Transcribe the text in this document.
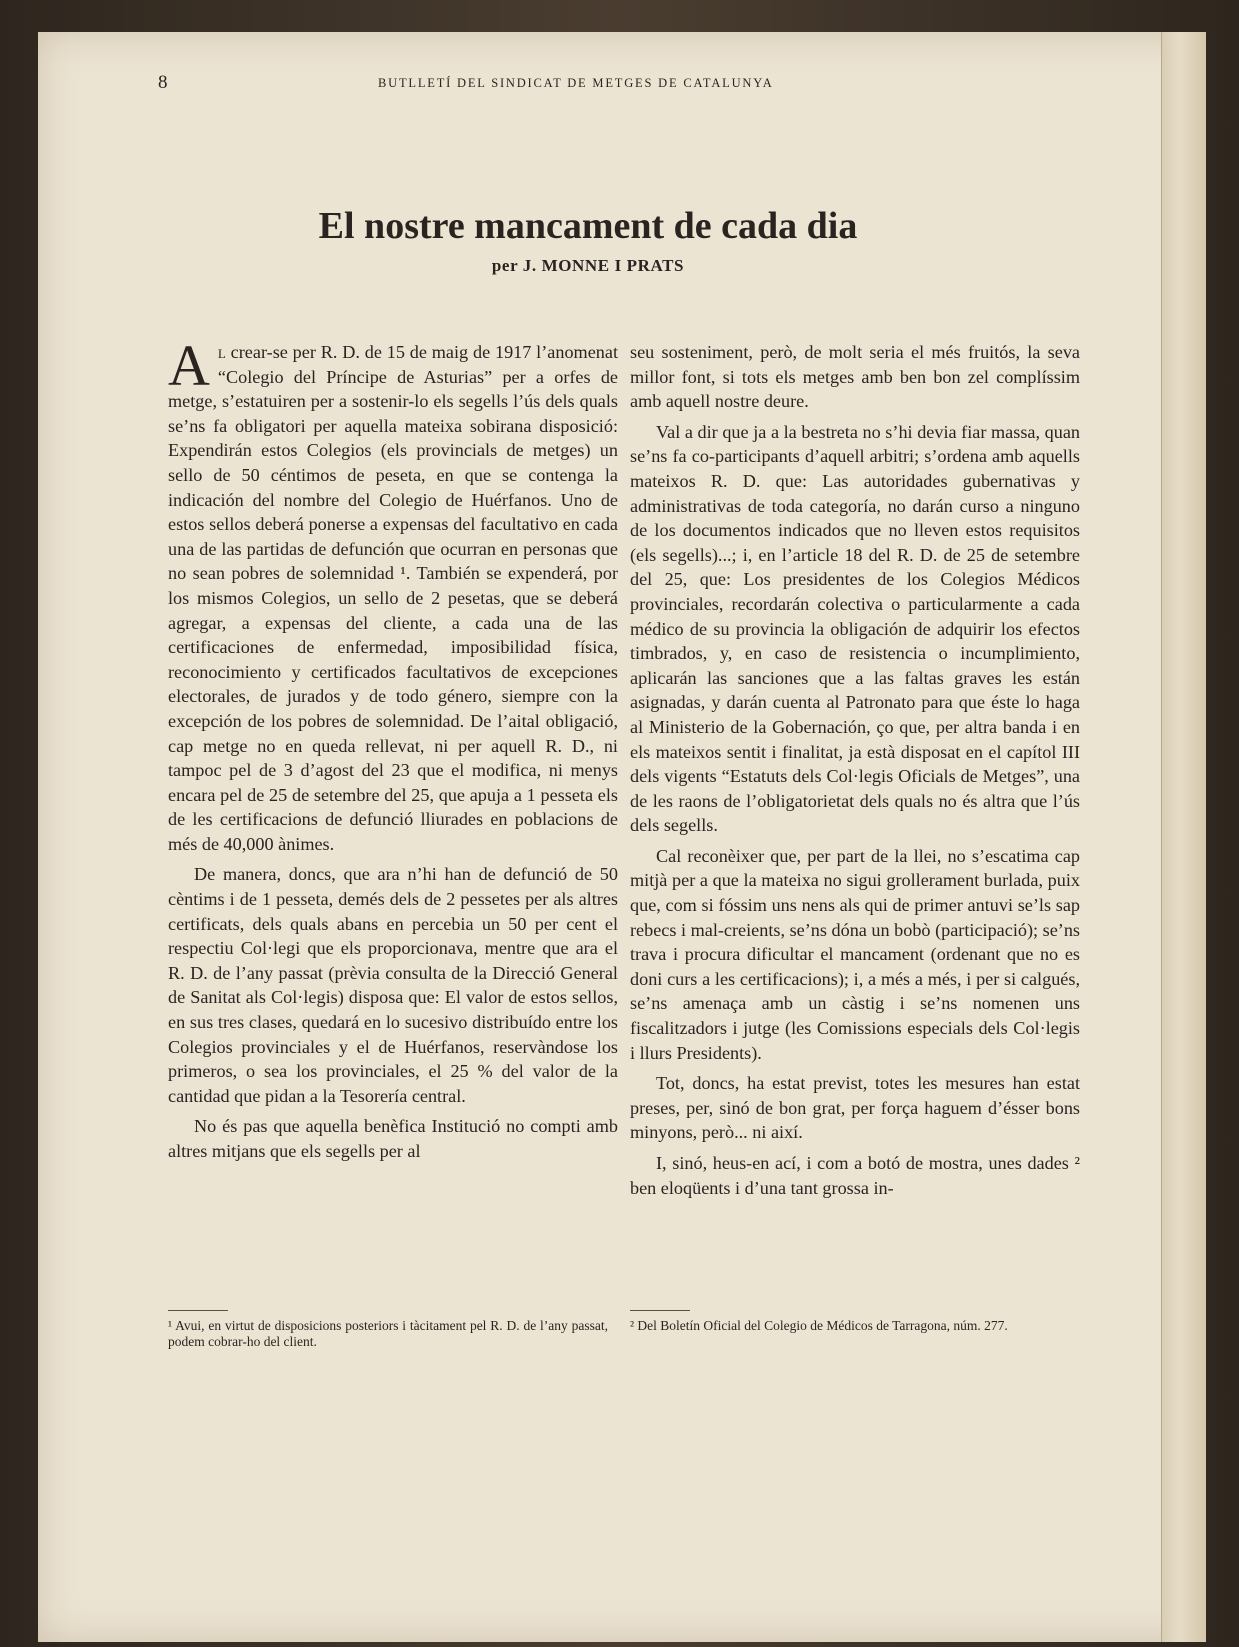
8	BUTLLETÍ DEL SINDICAT DE METGES DE CATALUNYA
El nostre mancament de cada dia
per J. MONNE I PRATS

Al crear-se per R. D. de 15 de maig de 1917 l’anomenat “Colegio del Príncipe de Asturias” per a orfes de metge, s’estatuiren per a sostenir-lo els segells l’ús dels quals se’ns fa obligatori per aquella mateixa sobirana disposició: Expendirán estos Colegios (els provincials de metges) un sello de 50 céntimos de peseta, en que se contenga la indicación del nombre del Colegio de Huérfanos. Uno de estos sellos deberá ponerse a expensas del facultativo en cada una de las partidas de defunción que ocurran en personas que no sean pobres de solemnidad ¹. También se expenderá, por los mismos Colegios, un sello de 2 pesetas, que se deberá agregar, a expensas del cliente, a cada una de las certificaciones de enfermedad, imposibilidad física, reconocimiento y certificados facultativos de excepciones electorales, de jurados y de todo género, siempre con la excepción de los pobres de solemnidad. De l’aital obligació, cap metge no en queda rellevat, ni per aquell R. D., ni tampoc pel de 3 d’agost del 23 que el modifica, ni menys encara pel de 25 de setembre del 25, que apuja a 1 pesseta els de les certificacions de defunció lliurades en poblacions de més de 40,000 ànimes.

De manera, doncs, que ara n’hi han de defunció de 50 cèntims i de 1 pesseta, demés dels de 2 pessetes per als altres certificats, dels quals abans en percebia un 50 per cent el respectiu Col·legi que els proporcionava, mentre que ara el R. D. de l’any passat (prèvia consulta de la Direcció General de Sanitat als Col·legis) disposa que: El valor de estos sellos, en sus tres clases, quedará en lo sucesivo distribuído entre los Colegios provinciales y el de Huérfanos, reservàndose los primeros, o sea los provinciales, el 25 % del valor de la cantidad que pidan a la Tesorería central.

No és pas que aquella benèfica Institució no compti amb altres mitjans que els segells per al

seu sosteniment, però, de molt seria el més fruitós, la seva millor font, si tots els metges amb ben bon zel complíssim amb aquell nostre deure.

Val a dir que ja a la bestreta no s’hi devia fiar massa, quan se’ns fa co-participants d’aquell arbitri; s’ordena amb aquells mateixos R. D. que: Las autoridades gubernativas y administrativas de toda categoría, no darán curso a ninguno de los documentos indicados que no lleven estos requisitos (els segells)...; i, en l’article 18 del R. D. de 25 de setembre del 25, que: Los presidentes de los Colegios Médicos provinciales, recordarán colectiva o particularmente a cada médico de su provincia la obligación de adquirir los efectos timbrados, y, en caso de resistencia o incumplimiento, aplicarán las sanciones que a las faltas graves les están asignadas, y darán cuenta al Patronato para que éste lo haga al Ministerio de la Gobernación, ço que, per altra banda i en els mateixos sentit i finalitat, ja està disposat en el capítol III dels vigents “Estatuts dels Col·legis Oficials de Metges”, una de les raons de l’obligatorietat dels quals no és altra que l’ús dels segells.

Cal reconèixer que, per part de la llei, no s’escatima cap mitjà per a que la mateixa no sigui grollerament burlada, puix que, com si fóssim uns nens als qui de primer antuvi se’ls sap rebecs i mal-creients, se’ns dóna un bobò (participació); se’ns trava i procura dificultar el mancament (ordenant que no es doni curs a les certificacions); i, a més a més, i per si calgués, se’ns amenaça amb un càstig i se’ns nomenen uns fiscalitzadors i jutge (les Comissions especials dels Col·legis i llurs Presidents).

Tot, doncs, ha estat previst, totes les mesures han estat preses, per, sinó de bon grat, per força haguem d’ésser bons minyons, però... ni així.

I, sinó, heus-en ací, i com a botó de mostra, unes dades ² ben eloqüents i d’una tant grossa in-

¹ Avui, en virtut de disposicions posteriors i tàcitament pel R. D. de l’any passat, podem cobrar-ho del client.
² Del Boletín Oficial del Colegio de Médicos de Tarragona, núm. 277.
